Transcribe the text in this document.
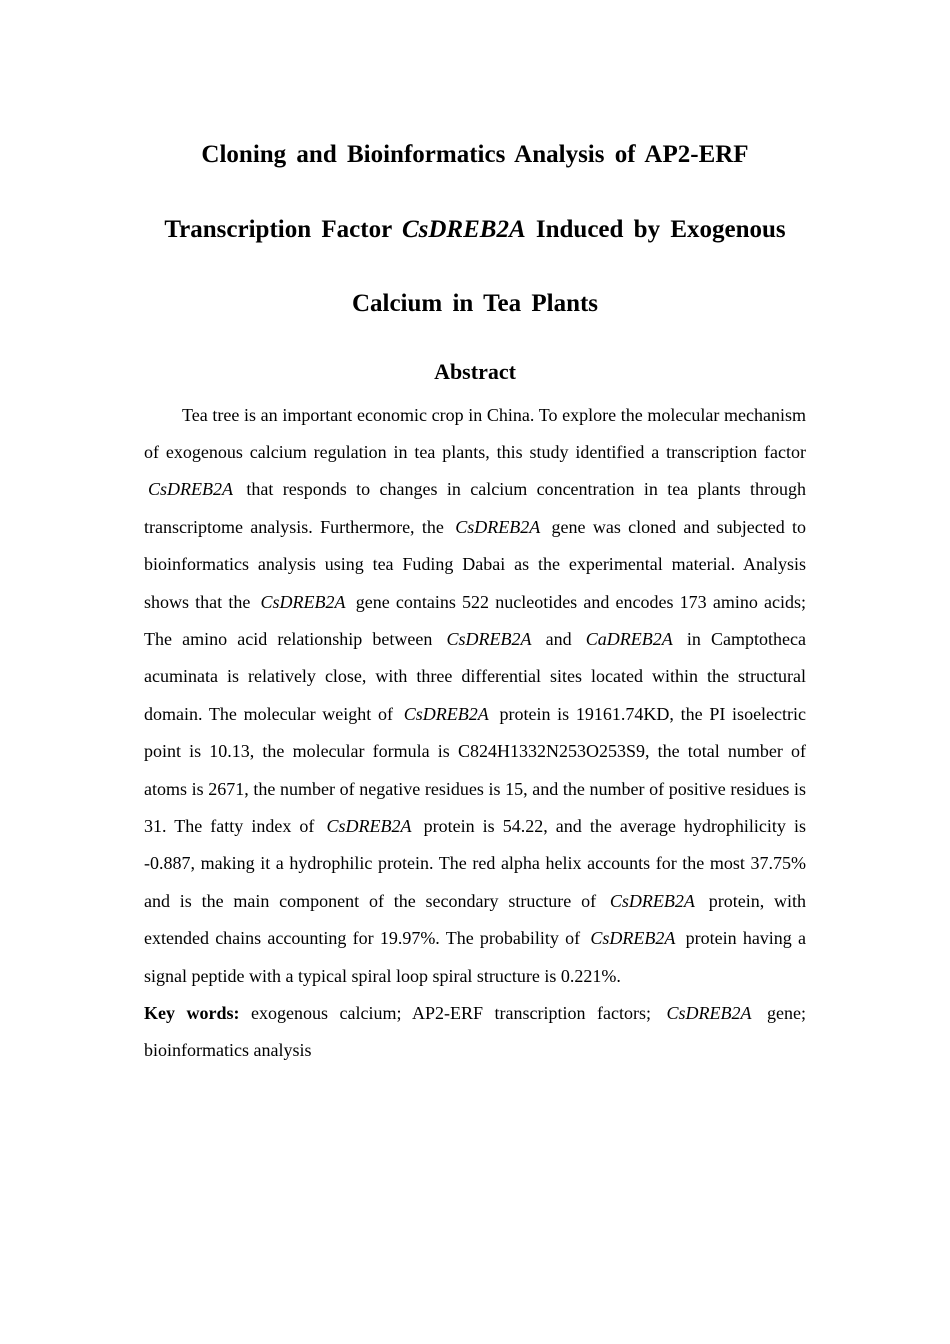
Cloning and Bioinformatics Analysis of AP2-ERF
Transcription Factor CsDREB2A Induced by Exogenous
Calcium in Tea Plants
Abstract

Tea tree is an important economic crop in China. To explore the molecular mechanism of exogenous calcium regulation in tea plants, this study identified a transcription factor CsDREB2A that responds to changes in calcium concentration in tea plants through transcriptome analysis. Furthermore, the CsDREB2A gene was cloned and subjected to bioinformatics analysis using tea Fuding Dabai as the experimental material. Analysis shows that the CsDREB2A gene contains 522 nucleotides and encodes 173 amino acids; The amino acid relationship between CsDREB2A and CaDREB2A in Camptotheca acuminata is relatively close, with three differential sites located within the structural domain. The molecular weight of CsDREB2A protein is 19161.74KD, the PI isoelectric point is 10.13, the molecular formula is C824H1332N253O253S9, the total number of atoms is 2671, the number of negative residues is 15, and the number of positive residues is 31. The fatty index of CsDREB2A protein is 54.22, and the average hydrophilicity is -0.887, making it a hydrophilic protein. The red alpha helix accounts for the most 37.75% and is the main component of the secondary structure of CsDREB2A protein, with extended chains accounting for 19.97%. The probability of CsDREB2A protein having a signal peptide with a typical spiral loop spiral structure is 0.221%.

Key words: exogenous calcium; AP2-ERF transcription factors; CsDREB2A gene; bioinformatics analysis
